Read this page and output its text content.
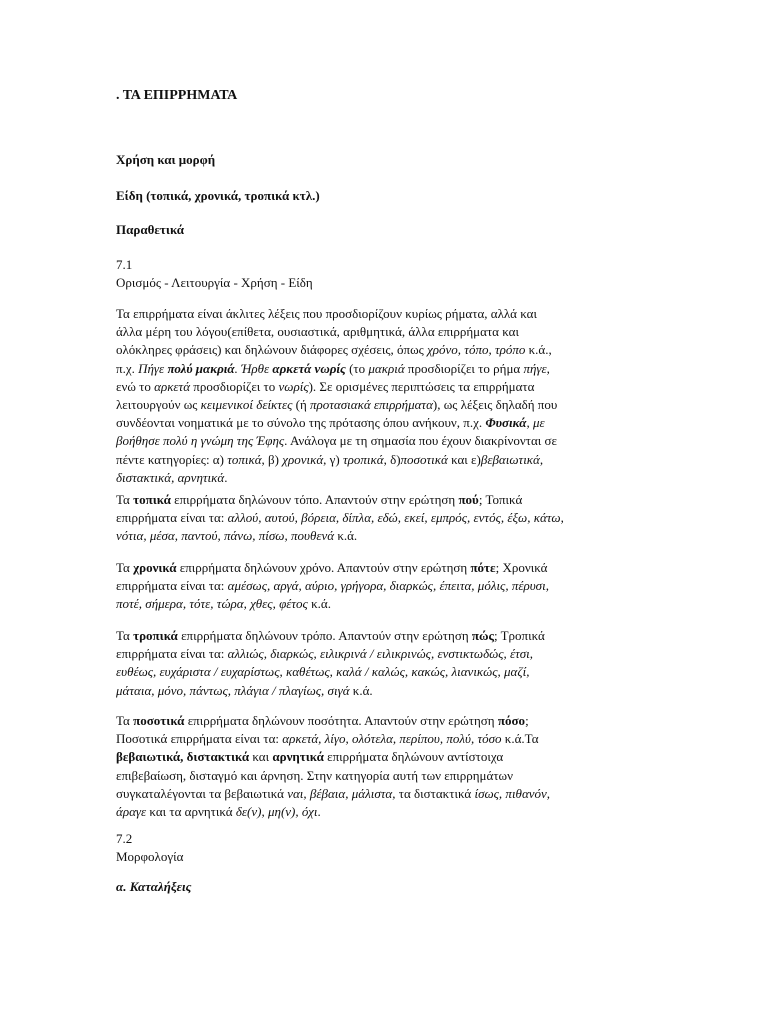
. ΤΑ ΕΠΙΡΡΗΜΑΤΑ
Χρήση και μορφή
Είδη (τοπικά, χρονικά, τροπικά κτλ.)
Παραθετικά
7.1
Ορισμός - Λειτουργία - Χρήση - Είδη
Τα επιρρήματα είναι άκλιτες λέξεις που προσδιορίζουν κυρίως ρήματα, αλλά και
άλλα μέρη του λόγου(επίθετα, ουσιαστικά, αριθμητικά, άλλα επιρρήματα και
ολόκληρες φράσεις) και δηλώνουν διάφορες σχέσεις, όπως χρόνο, τόπο, τρόπο κ.ά.,
π.χ. Πήγε πολύ μακριά. Ήρθε αρκετά νωρίς (το μακριά προσδιορίζει το ρήμα πήγε,
ενώ το αρκετά προσδιορίζει το νωρίς). Σε ορισμένες περιπτώσεις τα επιρρήματα
λειτουργούν ως κειμενικοί δείκτες (ή προτασιακά επιρρήματα), ως λέξεις δηλαδή που
συνδέονται νοηματικά με το σύνολο της πρότασης όπου ανήκουν, π.χ. Φυσικά, με
βοήθησε πολύ η γνώμη της Έφης. Ανάλογα με τη σημασία που έχουν διακρίνονται σε
πέντε κατηγορίες: α) τοπικά, β) χρονικά, γ) τροπικά, δ)ποσοτικά και ε)βεβαιωτικά,
διστακτικά, αρνητικά.
Τα τοπικά επιρρήματα δηλώνουν τόπο. Απαντούν στην ερώτηση πού; Τοπικά
επιρρήματα είναι τα: αλλού, αυτού, βόρεια, δίπλα, εδώ, εκεί, εμπρός, εντός, έξω, κάτω,
νότια, μέσα, παντού, πάνω, πίσω, πουθενά κ.ά.
Τα χρονικά επιρρήματα δηλώνουν χρόνο. Απαντούν στην ερώτηση πότε; Χρονικά
επιρρήματα είναι τα: αμέσως, αργά, αύριο, γρήγορα, διαρκώς, έπειτα, μόλις, πέρυσι,
ποτέ, σήμερα, τότε, τώρα, χθες, φέτος κ.ά.
Τα τροπικά επιρρήματα δηλώνουν τρόπο. Απαντούν στην ερώτηση πώς; Τροπικά
επιρρήματα είναι τα: αλλιώς, διαρκώς, ειλικρινά / ειλικρινώς, ενστικτωδώς, έτσι,
ευθέως, ευχάριστα / ευχαρίστως, καθέτως, καλά / καλώς, κακώς, λιανικώς, μαζί,
μάταια, μόνο, πάντως, πλάγια / πλαγίως, σιγά κ.ά.
Τα ποσοτικά επιρρήματα δηλώνουν ποσότητα. Απαντούν στην ερώτηση πόσο;
Ποσοτικά επιρρήματα είναι τα: αρκετά, λίγο, ολότελα, περίπου, πολύ, τόσο κ.ά.Τα
βεβαιωτικά, διστακτικά και αρνητικά επιρρήματα δηλώνουν αντίστοιχα
επιβεβαίωση, δισταγμό και άρνηση. Στην κατηγορία αυτή των επιρρημάτων
συγκαταλέγονται τα βεβαιωτικά ναι, βέβαια, μάλιστα, τα διστακτικά ίσως, πιθανόν,
άραγε και τα αρνητικά δε(ν), μη(ν), όχι.
7.2
Μορφολογία
α. Καταλήξεις
